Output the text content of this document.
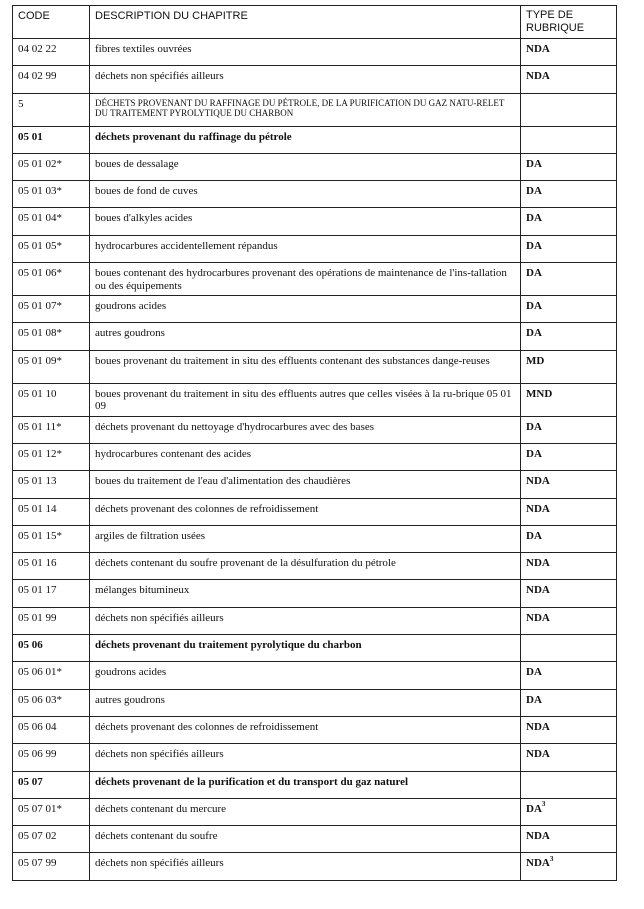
CODE	DESCRIPTION DU CHAPITRE	TYPE DE
RUBRIQUE
04 02 22	fibres textiles ouvrées	NDA
04 02 99	déchets non spécifiés ailleurs	NDA
5	DÉCHETS PROVENANT DU RAFFINAGE DU PÉTROLE, DE LA PURIFICATION DU GAZ NATU-RELET DU TRAITEMENT PYROLYTIQUE DU CHARBON	
05 01	déchets provenant du raffinage du pétrole	
05 01 02*	boues de dessalage	DA
05 01 03*	boues de fond de cuves	DA
05 01 04*	boues d'alkyles acides	DA
05 01 05*	hydrocarbures accidentellement répandus	DA
05 01 06*	boues contenant des hydrocarbures provenant des opérations de maintenance de l'ins-tallation ou des équipements	DA
05 01 07*	goudrons acides	DA
05 01 08*	autres goudrons	DA
05 01 09*	boues provenant du traitement in situ des effluents contenant des substances dange-reuses	MD
05 01 10	boues provenant du traitement in situ des effluents autres que celles visées à la ru-brique 05 01 09	MND
05 01 11*	déchets provenant du nettoyage d'hydrocarbures avec des bases	DA
05 01 12*	hydrocarbures contenant des acides	DA
05 01 13	boues du traitement de l'eau d'alimentation des chaudières	NDA
05 01 14	déchets provenant des colonnes de refroidissement	NDA
05 01 15*	argiles de filtration usées	DA
05 01 16	déchets contenant du soufre provenant de la désulfuration du pétrole	NDA
05 01 17	mélanges bitumineux	NDA
05 01 99	déchets non spécifiés ailleurs	NDA
05 06	déchets provenant du traitement pyrolytique du charbon	
05 06 01*	goudrons acides	DA
05 06 03*	autres goudrons	DA
05 06 04	déchets provenant des colonnes de refroidissement	NDA
05 06 99	déchets non spécifiés ailleurs	NDA
05 07	déchets provenant de la purification et du transport du gaz naturel	
05 07 01*	déchets contenant du mercure	DA$^3$
05 07 02	déchets contenant du soufre	NDA
05 07 99	déchets non spécifiés ailleurs	NDA$^3$
